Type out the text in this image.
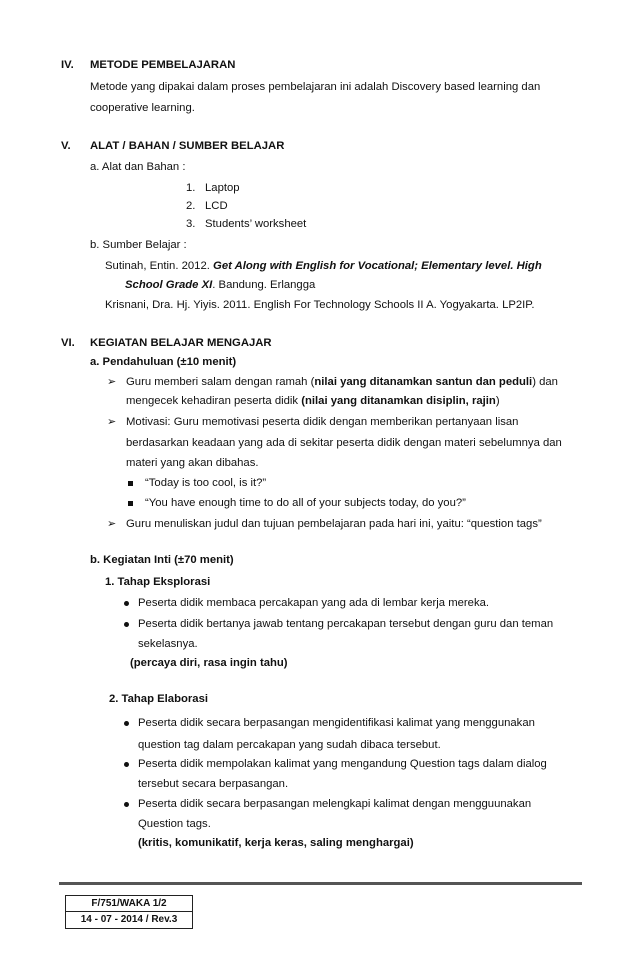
IV. METODE PEMBELAJARAN
Metode yang dipakai dalam proses pembelajaran ini adalah Discovery based learning dan
cooperative learning.
V. ALAT / BAHAN / SUMBER BELAJAR
a. Alat dan Bahan :
1. Laptop
2. LCD
3. Students’ worksheet
b. Sumber Belajar :
Sutinah, Entin. 2012. Get Along with English for Vocational; Elementary level. High
School Grade XI. Bandung. Erlangga
Krisnani, Dra. Hj. Yiyis. 2011. English For Technology Schools II A. Yogyakarta. LP2IP.
VI. KEGIATAN BELAJAR MENGAJAR
a. Pendahuluan (±10 menit)
➢ Guru memberi salam dengan ramah (nilai yang ditanamkan santun dan peduli) dan
mengecek kehadiran peserta didik (nilai yang ditanamkan disiplin, rajin)
➢ Motivasi: Guru memotivasi peserta didik dengan memberikan pertanyaan lisan
berdasarkan keadaan yang ada di sekitar peserta didik dengan materi sebelumnya dan
materi yang akan dibahas.
“Today is too cool, is it?”
“You have enough time to do all of your subjects today, do you?”
➢ Guru menuliskan judul dan tujuan pembelajaran pada hari ini, yaitu: “question tags”
b. Kegiatan Inti (±70 menit)
1. Tahap Eksplorasi
Peserta didik membaca percakapan yang ada di lembar kerja mereka.
Peserta didik bertanya jawab tentang percakapan tersebut dengan guru dan teman
sekelasnya.
(percaya diri, rasa ingin tahu)
2. Tahap Elaborasi
Peserta didik secara berpasangan mengidentifikasi kalimat yang menggunakan
question tag dalam percakapan yang sudah dibaca tersebut.
Peserta didik mempolakan kalimat yang mengandung Question tags dalam dialog
tersebut secara berpasangan.
Peserta didik secara berpasangan melengkapi kalimat dengan mengguunakan
Question tags.
(kritis, komunikatif, kerja keras, saling menghargai)
F/751/WAKA 1/2
14 - 07 - 2014 / Rev.3
